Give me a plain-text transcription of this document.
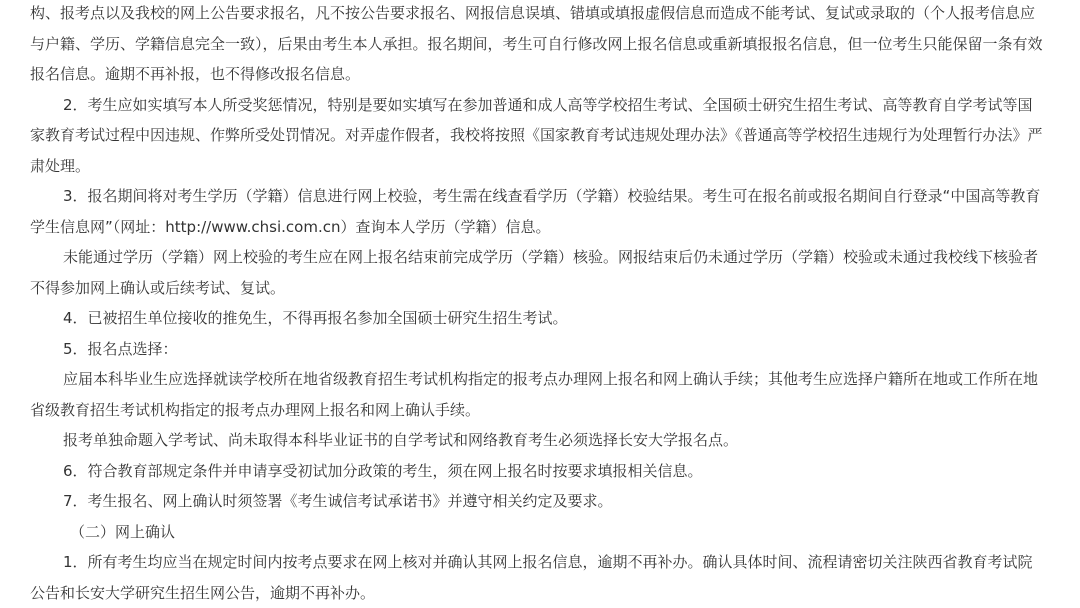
构、报考点以及我校的网上公告要求报名，凡不按公告要求报名、网报信息误填、错填或填报虚假信息而造成不能考试、复试或录取的（个人报考信息应与户籍、学历、学籍信息完全一致），后果由考生本人承担。报名期间，考生可自行修改网上报名信息或重新填报报名信息，但一位考生只能保留一条有效报名信息。逾期不再补报，也不得修改报名信息。

2．考生应如实填写本人所受奖惩情况，特别是要如实填写在参加普通和成人高等学校招生考试、全国硕士研究生招生考试、高等教育自学考试等国家教育考试过程中因违规、作弊所受处罚情况。对弄虚作假者，我校将按照《国家教育考试违规处理办法》《普通高等学校招生违规行为处理暂行办法》严肃处理。

3．报名期间将对考生学历（学籍）信息进行网上校验，考生需在线查看学历（学籍）校验结果。考生可在报名前或报名期间自行登录“中国高等教育学生信息网”（网址：http://www.chsi.com.cn）查询本人学历（学籍）信息。

未能通过学历（学籍）网上校验的考生应在网上报名结束前完成学历（学籍）核验。网报结束后仍未通过学历（学籍）校验或未通过我校线下核验者不得参加网上确认或后续考试、复试。

4．已被招生单位接收的推免生，不得再报名参加全国硕士研究生招生考试。

5．报名点选择：

应届本科毕业生应选择就读学校所在地省级教育招生考试机构指定的报考点办理网上报名和网上确认手续；其他考生应选择户籍所在地或工作所在地省级教育招生考试机构指定的报考点办理网上报名和网上确认手续。

报考单独命题入学考试、尚未取得本科毕业证书的自学考试和网络教育考生必须选择长安大学报名点。

6．符合教育部规定条件并申请享受初试加分政策的考生，须在网上报名时按要求填报相关信息。

7．考生报名、网上确认时须签署《考生诚信考试承诺书》并遵守相关约定及要求。

（二）网上确认

1．所有考生均应当在规定时间内按考点要求在网上核对并确认其网上报名信息，逾期不再补办。确认具体时间、流程请密切关注陕西省教育考试院公告和长安大学研究生招生网公告，逾期不再补办。
